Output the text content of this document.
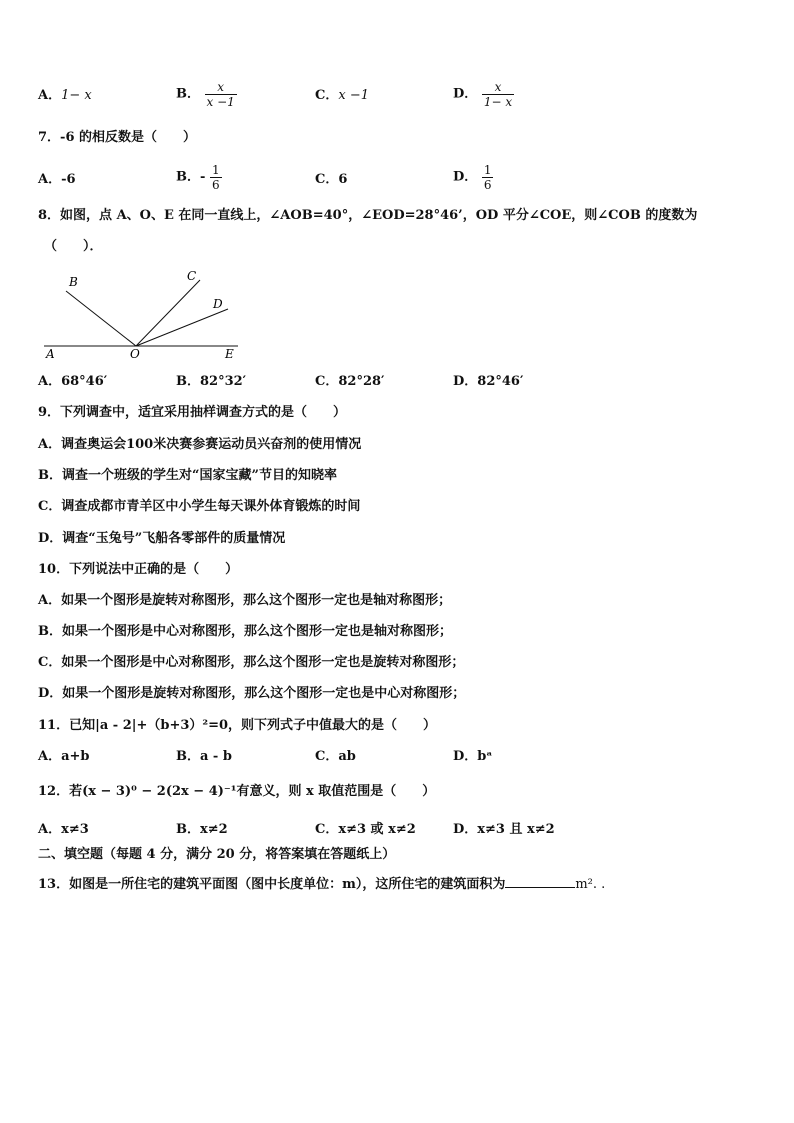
A．1− x	B． $\frac{x}{x -1}$	C．x −1	D． $\frac{x}{1- x}$
7．-6 的相反数是（　　）
A．-6	B．- $\frac{1}{6}$	C．6	D． $\frac{1}{6}$
8．如图，点 A、O、E 在同一直线上，∠AOB=40°，∠EOD=28°46’，OD 平分∠COE，则∠COB 的度数为
（　　）．
A	O	E
B	C
D
A．68°46′	B．82°32′	C．82°28′	D．82°46′
9．下列调查中，适宜采用抽样调查方式的是（　　）
A．调查奥运会100米决赛参赛运动员兴奋剂的使用情况
B．调查一个班级的学生对“国家宝藏”节目的知晓率
C．调查成都市青羊区中小学生每天课外体育锻炼的时间
D．调查“玉兔号”飞船各零部件的质量情况
10．下列说法中正确的是（　　）
A．如果一个图形是旋转对称图形，那么这个图形一定也是轴对称图形；
B．如果一个图形是中心对称图形，那么这个图形一定也是轴对称图形；
C．如果一个图形是中心对称图形，那么这个图形一定也是旋转对称图形；
D．如果一个图形是旋转对称图形，那么这个图形一定也是中心对称图形；
11．已知|a - 2|+（b+3）²=0，则下列式子中值最大的是（　　）
A．a+b	B．a - b	C．ab	D．bᵃ
12．若(x − 3)⁰ − 2(2x − 4)⁻¹有意义，则 x 取值范围是（　　）
A．x≠3	B．x≠2	C．x≠3 或 x≠2	D．x≠3 且 x≠2
二、填空题（每题 4 分，满分 20 分，将答案填在答题纸上）
13．如图是一所住宅的建筑平面图（图中长度单位：m），这所住宅的建筑面积为	m². .
